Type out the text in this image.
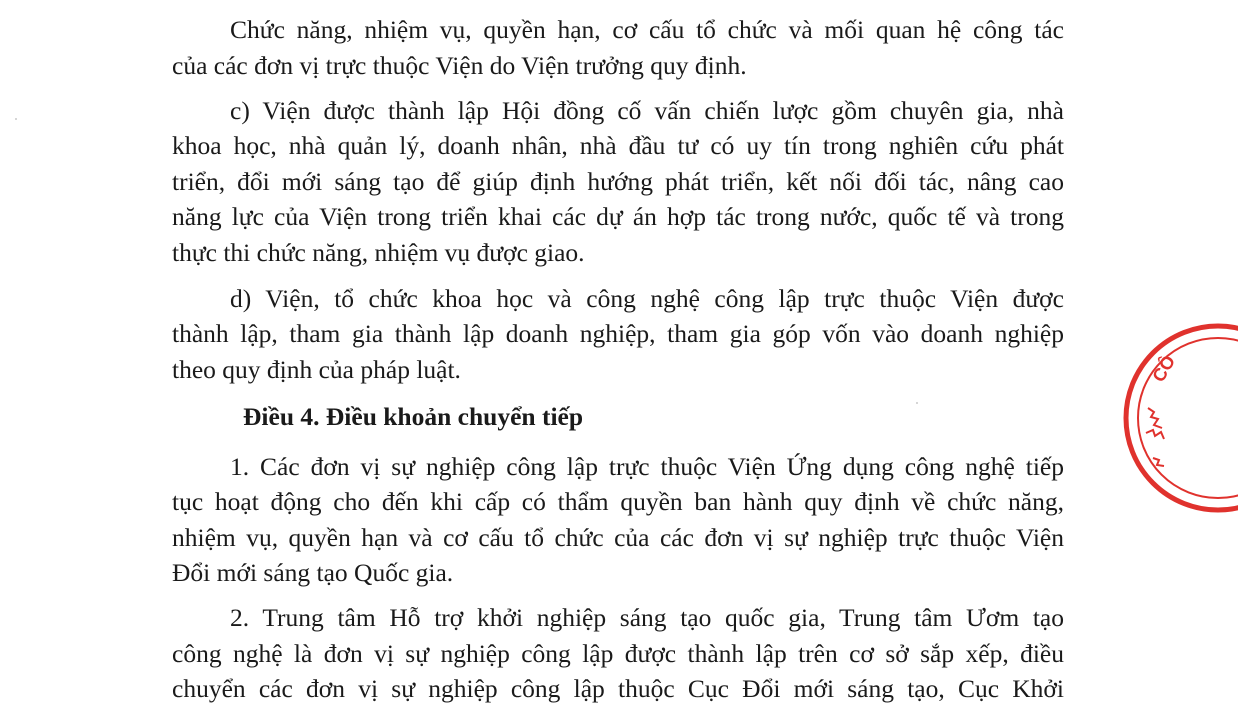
Chức năng, nhiệm vụ, quyền hạn, cơ cấu tổ chức và mối quan hệ công tác

của các đơn vị trực thuộc Viện do Viện trưởng quy định.

c) Viện được thành lập Hội đồng cố vấn chiến lược gồm chuyên gia, nhà

khoa học, nhà quản lý, doanh nhân, nhà đầu tư có uy tín trong nghiên cứu phát

triển, đổi mới sáng tạo để giúp định hướng phát triển, kết nối đối tác, nâng cao

năng lực của Viện trong triển khai các dự án hợp tác trong nước, quốc tế và trong

thực thi chức năng, nhiệm vụ được giao.

d) Viện, tổ chức khoa học và công nghệ công lập trực thuộc Viện được

thành lập, tham gia thành lập doanh nghiệp, tham gia góp vốn vào doanh nghiệp

theo quy định của pháp luật.

Điều 4. Điều khoản chuyển tiếp

1. Các đơn vị sự nghiệp công lập trực thuộc Viện Ứng dụng công nghệ tiếp

tục hoạt động cho đến khi cấp có thẩm quyền ban hành quy định về chức năng,

nhiệm vụ, quyền hạn và cơ cấu tổ chức của các đơn vị sự nghiệp trực thuộc Viện

Đổi mới sáng tạo Quốc gia.

2. Trung tâm Hỗ trợ khởi nghiệp sáng tạo quốc gia, Trung tâm Ươm tạo

công nghệ là đơn vị sự nghiệp công lập được thành lập trên cơ sở sắp xếp, điều

chuyển các đơn vị sự nghiệp công lập thuộc Cục Đổi mới sáng tạo, Cục Khởi

CÔ
